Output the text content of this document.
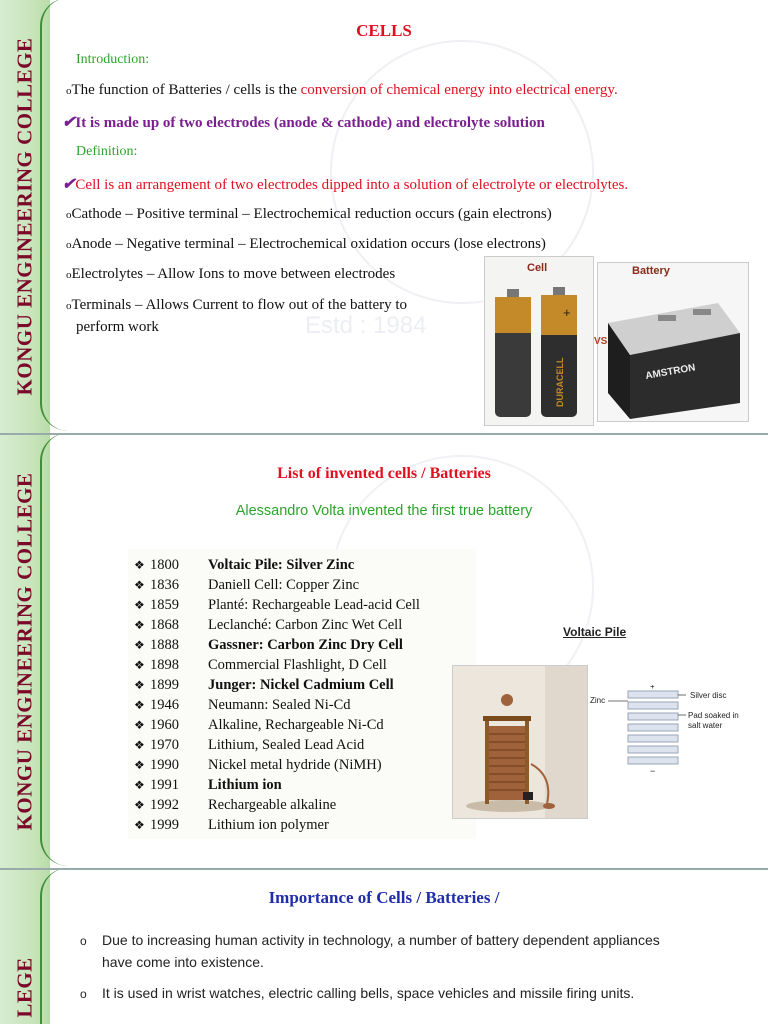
KONGU ENGINEERING COLLEGE	Estd : 1984
CELLS
Introduction:
oThe function of Batteries / cells is the conversion of chemical energy into electrical energy.
✔It is made up of two electrodes (anode & cathode) and electrolyte solution
Definition:
✔Cell is an arrangement of two electrodes dipped into a solution of electrolyte or electrolytes.
oCathode – Positive terminal – Electrochemical reduction occurs (gain electrons)
oAnode – Negative terminal – Electrochemical oxidation occurs (lose electrons)
oElectrolytes – Allow Ions to move between electrodes
oTerminals – Allows Current to flow out of the battery to
perform work
Cell
+
DURACELL
Battery
AMSTRON
VS
KONGU ENGINEERING COLLEGE	List of invented cells / Batteries
Alessandro Volta invented the first true battery
❖ 1800 Voltaic Pile: Silver Zinc
❖ 1836 Daniell Cell: Copper Zinc
❖ 1859 Planté: Rechargeable Lead-acid Cell
❖ 1868 Leclanché: Carbon Zinc Wet Cell
❖ 1888 Gassner: Carbon Zinc Dry Cell
❖ 1898 Commercial Flashlight, D Cell
❖ 1899 Junger: Nickel Cadmium Cell
❖ 1946 Neumann: Sealed Ni-Cd
❖ 1960 Alkaline, Rechargeable Ni-Cd
❖ 1970 Lithium, Sealed Lead Acid
❖ 1990 Nickel metal hydride (NiMH)
❖ 1991 Lithium ion
❖ 1992 Rechargeable alkaline
❖ 1999 Lithium ion polymer
Voltaic Pile
+
−
Zinc
Silver disc
Pad soaked in salt water
LEGE
Importance of Cells / Batteries /
o Due to increasing human activity in technology, a number of battery dependent appliances
have come into existence.
o It is used in wrist watches, electric calling bells, space vehicles and missile firing units.
